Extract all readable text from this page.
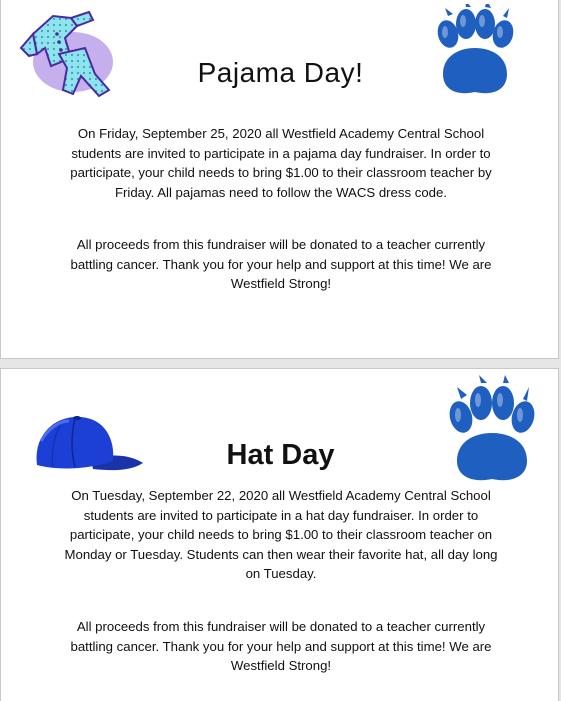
Pajama Day!

On Friday, September 25, 2020 all Westfield Academy Central School students are invited to participate in a pajama day fundraiser. In order to participate, your child needs to bring $1.00 to their classroom teacher by Friday. All pajamas need to follow the WACS dress code.

All proceeds from this fundraiser will be donated to a teacher currently battling cancer. Thank you for your help and support at this time! We are Westfield Strong!

Hat Day

On Tuesday, September 22, 2020 all Westfield Academy Central School students are invited to participate in a hat day fundraiser. In order to participate, your child needs to bring $1.00 to their classroom teacher on Monday or Tuesday. Students can then wear their favorite hat, all day long on Tuesday.

All proceeds from this fundraiser will be donated to a teacher currently battling cancer. Thank you for your help and support at this time! We are Westfield Strong!
